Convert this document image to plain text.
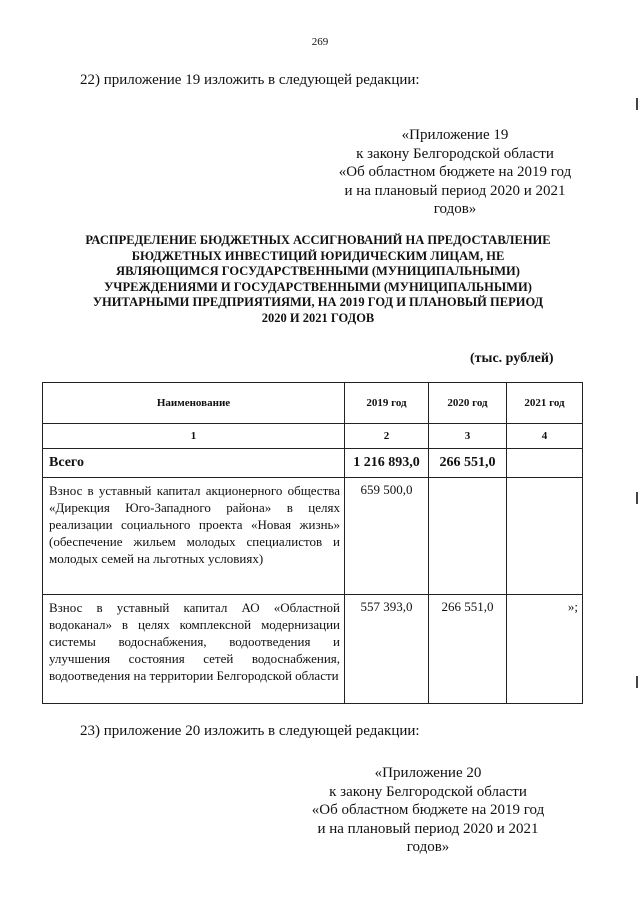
269
22) приложение 19 изложить в следующей редакции:
«Приложение 19
к закону Белгородской области
«Об областном бюджете на 2019 год
и на плановый период 2020 и 2021
годов»
РАСПРЕДЕЛЕНИЕ БЮДЖЕТНЫХ АССИГНОВАНИЙ НА ПРЕДОСТАВЛЕНИЕ
БЮДЖЕТНЫХ ИНВЕСТИЦИЙ ЮРИДИЧЕСКИМ ЛИЦАМ, НЕ
ЯВЛЯЮЩИМСЯ ГОСУДАРСТВЕННЫМИ (МУНИЦИПАЛЬНЫМИ)
УЧРЕЖДЕНИЯМИ И ГОСУДАРСТВЕННЫМИ (МУНИЦИПАЛЬНЫМИ)
УНИТАРНЫМИ ПРЕДПРИЯТИЯМИ, НА 2019 ГОД И ПЛАНОВЫЙ ПЕРИОД
2020 И 2021 ГОДОВ
(тыс. рублей)
Наименование	2019 год	2020 год	2021 год
1	2	3	4
Всего	1 216 893,0	266 551,0	
Взнос в уставный капитал акционерного общества «Дирекция Юго-Западного района» в целях реализации социального проекта «Новая жизнь» (обеспечение жильем молодых специалистов и молодых семей на льготных условиях)	659 500,0		
Взнос в уставный капитал АО «Областной водоканал» в целях комплексной модернизации системы водоснабжения, водоотведения и улучшения состояния сетей водоснабжения, водоотведения на территории Белгородской области	557 393,0	266 551,0	»;
23) приложение 20 изложить в следующей редакции:
«Приложение 20
к закону Белгородской области
«Об областном бюджете на 2019 год
и на плановый период 2020 и 2021 годов»
